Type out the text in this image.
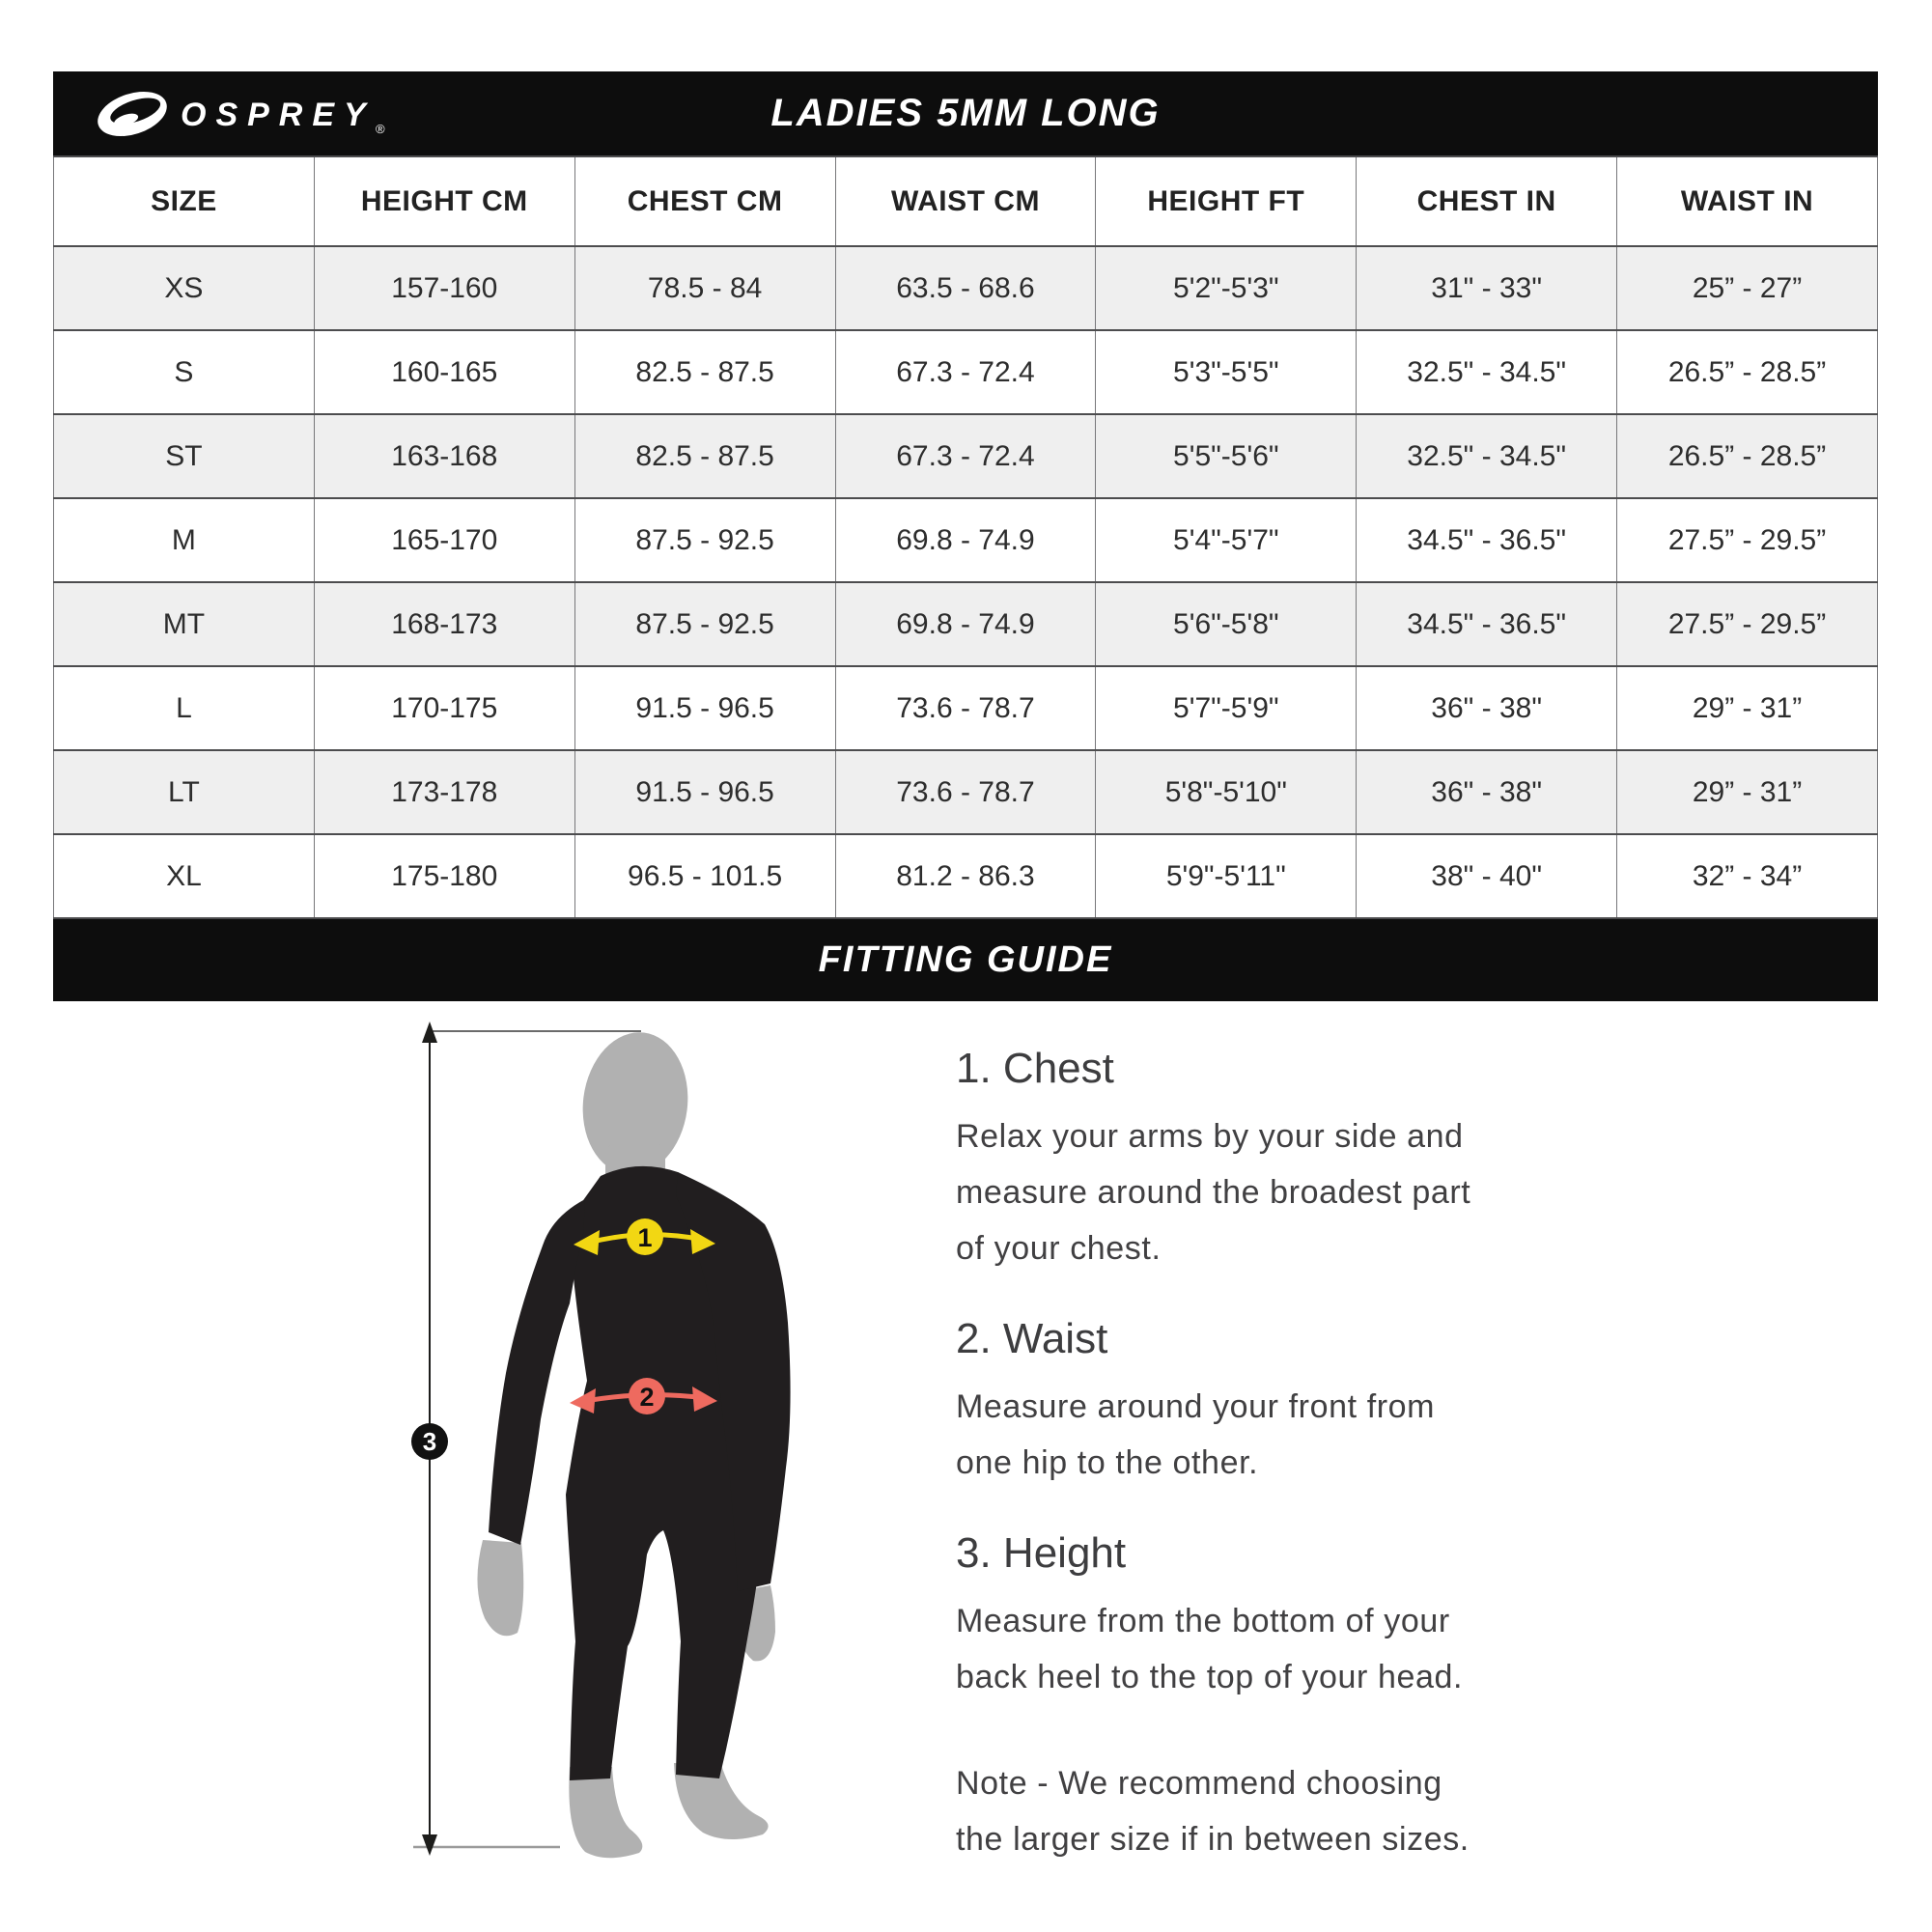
OSPREY ®	LADIES 5MM LONG
SIZE	HEIGHT CM	CHEST CM	WAIST CM	HEIGHT FT	CHEST IN	WAIST IN
XS	157-160	78.5 - 84	63.5 - 68.6	5'2"-5'3"	31" - 33"	25” - 27”
S	160-165	82.5 - 87.5	67.3 - 72.4	5'3"-5'5"	32.5" - 34.5"	26.5” - 28.5”
ST	163-168	82.5 - 87.5	67.3 - 72.4	5'5"-5'6"	32.5" - 34.5"	26.5” - 28.5”
M	165-170	87.5 - 92.5	69.8 - 74.9	5'4"-5'7"	34.5" - 36.5"	27.5” - 29.5”
MT	168-173	87.5 - 92.5	69.8 - 74.9	5'6"-5'8"	34.5" - 36.5"	27.5” - 29.5”
L	170-175	91.5 - 96.5	73.6 - 78.7	5'7"-5'9"	36" - 38"	29” - 31”
LT	173-178	91.5 - 96.5	73.6 - 78.7	5'8"-5'10"	36" - 38"	29” - 31”
XL	175-180	96.5 - 101.5	81.2 - 86.3	5'9"-5'11"	38" - 40"	32” - 34”
FITTING GUIDE
3
1
2
1. Chest
Relax your arms by your side and
measure around the broadest part
of your chest.
2. Waist
Measure around your front from
one hip to the other.
3. Height
Measure from the bottom of your
back heel to the top of your head.
Note - We recommend choosing
the larger size if in between sizes.
